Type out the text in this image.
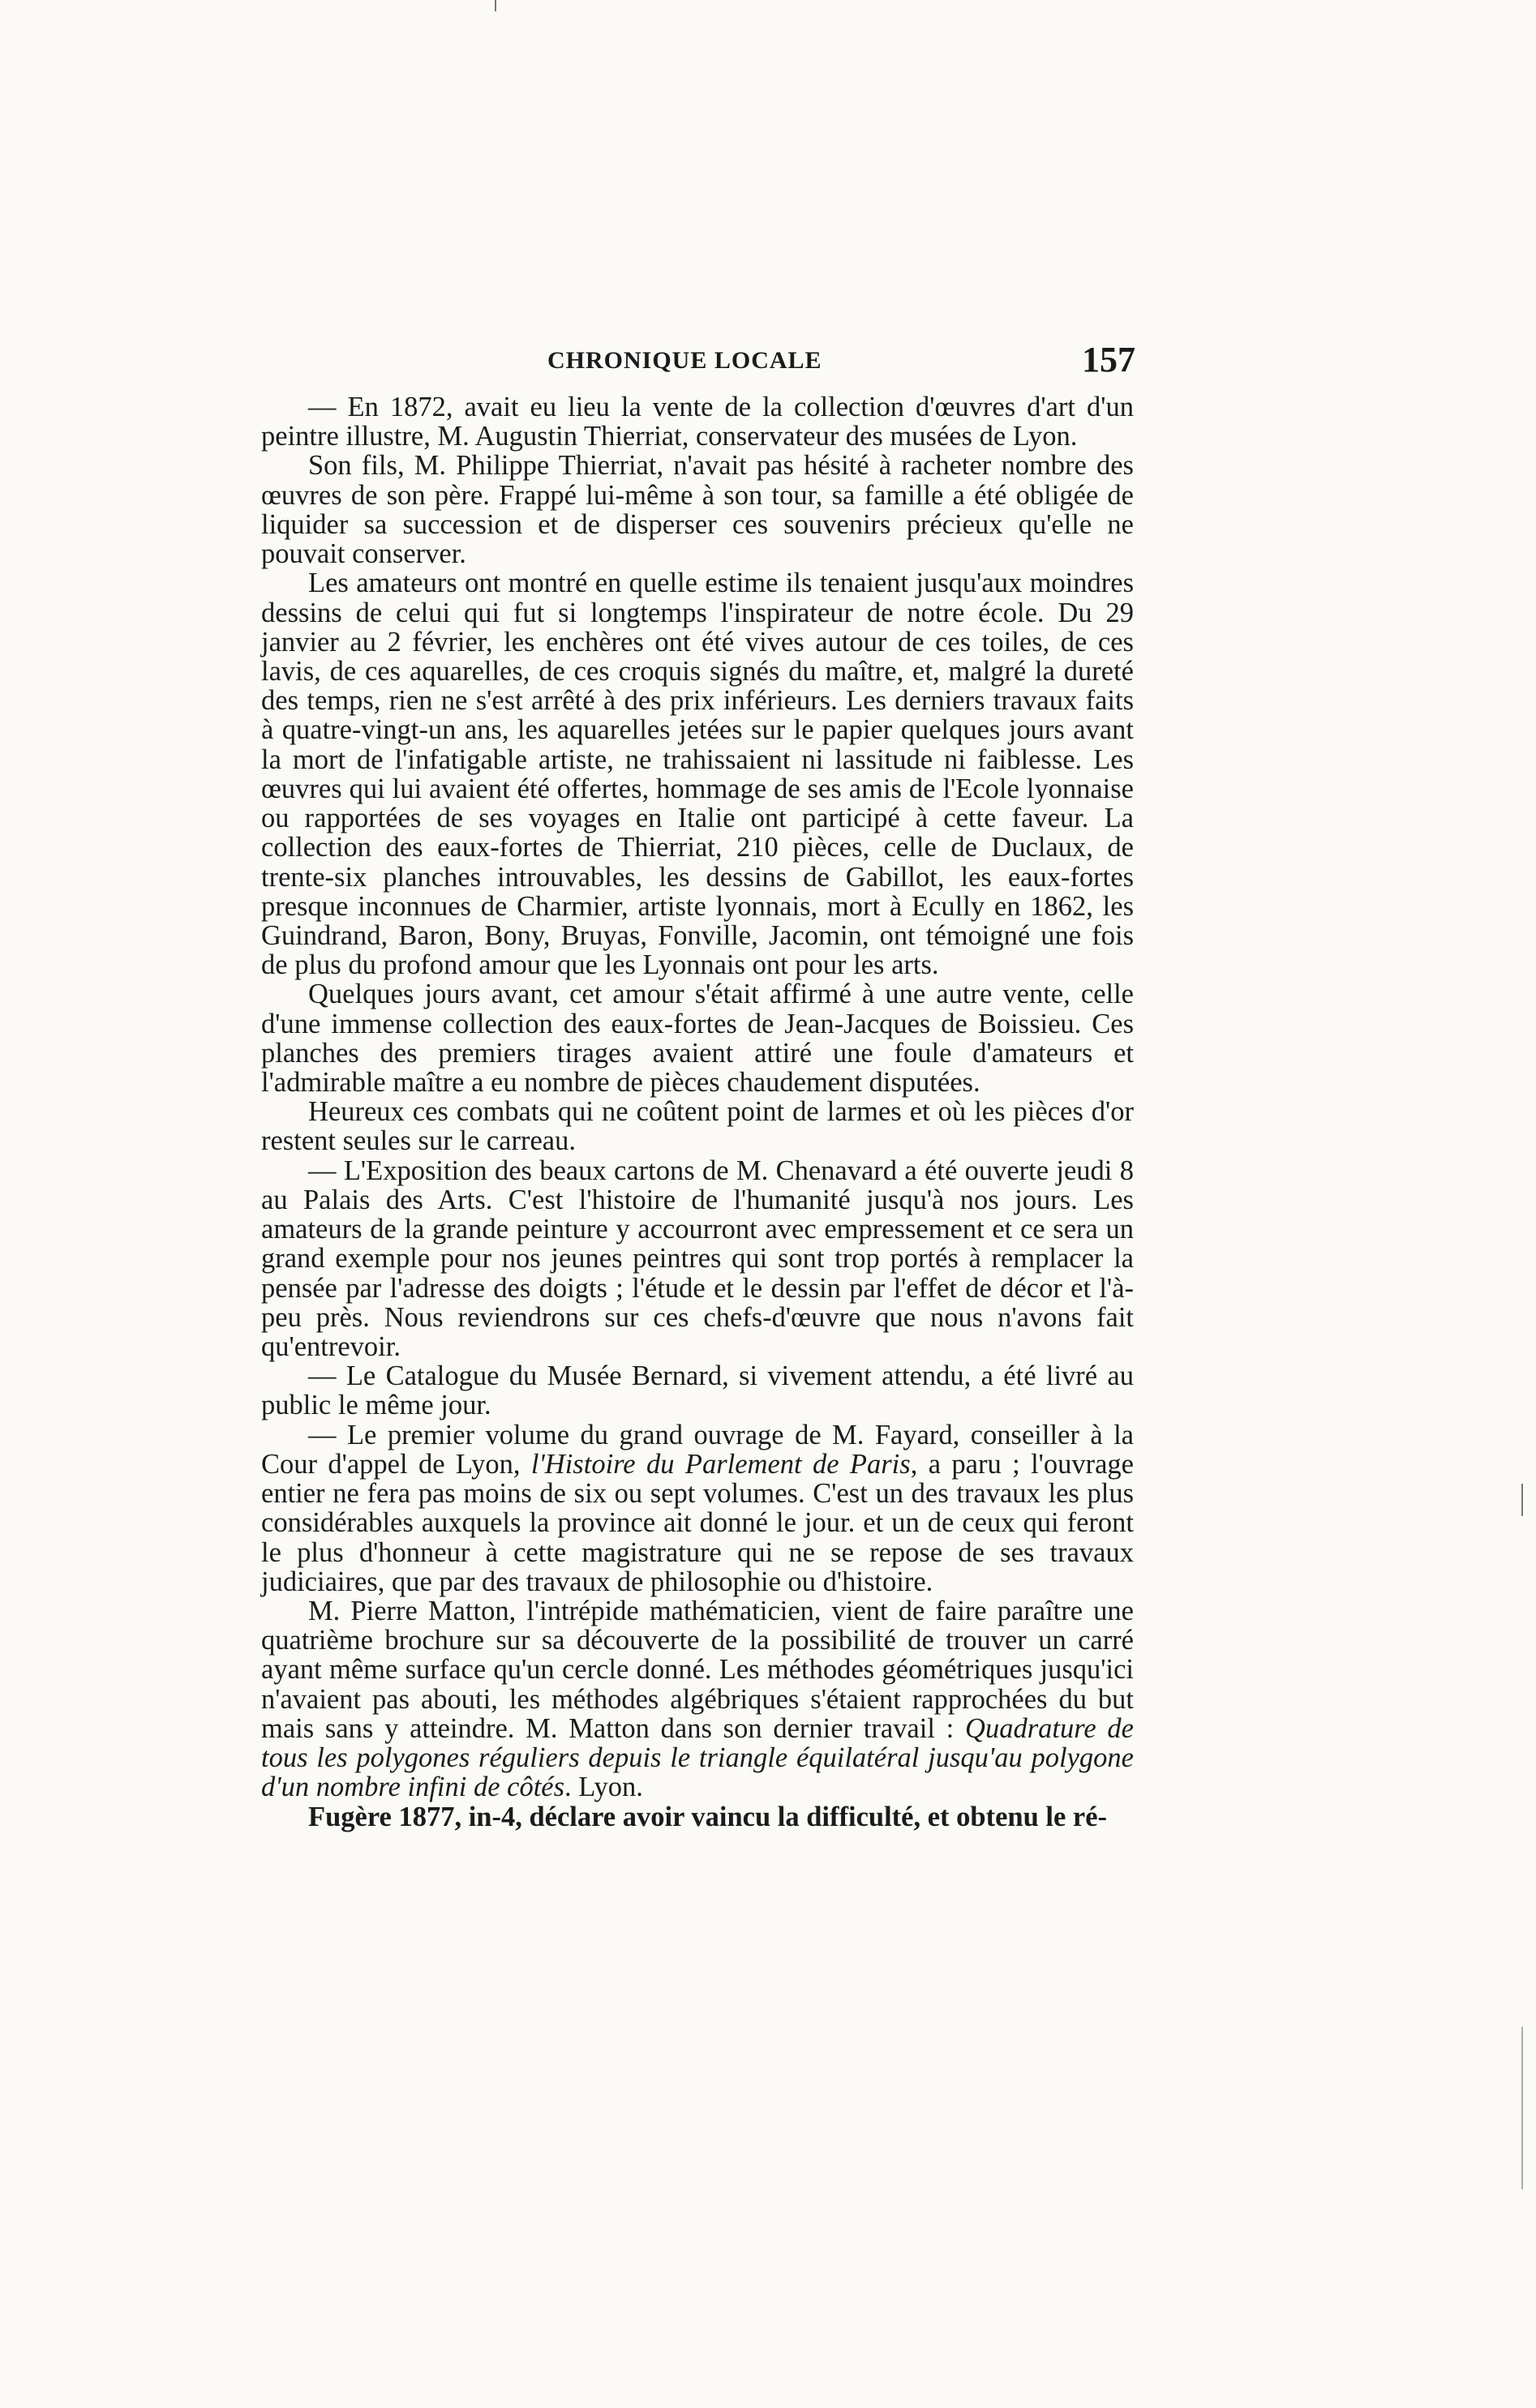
CHRONIQUE LOCALE	157

— En 1872, avait eu lieu la vente de la collection d'œuvres d'art d'un peintre illustre, M. Augustin Thierriat, conservateur des musées de Lyon.

Son fils, M. Philippe Thierriat, n'avait pas hésité à racheter nombre des œuvres de son père. Frappé lui-même à son tour, sa famille a été obligée de liquider sa succession et de disperser ces souvenirs précieux qu'elle ne pouvait conserver.

Les amateurs ont montré en quelle estime ils tenaient jusqu'aux moindres dessins de celui qui fut si longtemps l'inspirateur de notre école. Du 29 janvier au 2 février, les enchères ont été vives autour de ces toiles, de ces lavis, de ces aquarelles, de ces croquis signés du maître, et, malgré la dureté des temps, rien ne s'est arrêté à des prix inférieurs. Les derniers travaux faits à quatre-vingt-un ans, les aquarelles jetées sur le papier quelques jours avant la mort de l'infatigable artiste, ne trahissaient ni lassitude ni faiblesse. Les œuvres qui lui avaient été offertes, hommage de ses amis de l'Ecole lyonnaise ou rapportées de ses voyages en Italie ont participé à cette faveur. La collection des eaux-fortes de Thierriat, 210 pièces, celle de Duclaux, de trente-six planches introuvables, les dessins de Gabillot, les eaux-fortes presque inconnues de Charmier, artiste lyonnais, mort à Ecully en 1862, les Guindrand, Baron, Bony, Bruyas, Fonville, Jacomin, ont témoigné une fois de plus du profond amour que les Lyonnais ont pour les arts.

Quelques jours avant, cet amour s'était affirmé à une autre vente, celle d'une immense collection des eaux-fortes de Jean-Jacques de Boissieu. Ces planches des premiers tirages avaient attiré une foule d'amateurs et l'admirable maître a eu nombre de pièces chaudement disputées.

Heureux ces combats qui ne coûtent point de larmes et où les pièces d'or restent seules sur le carreau.

— L'Exposition des beaux cartons de M. Chenavard a été ouverte jeudi 8 au Palais des Arts. C'est l'histoire de l'humanité jusqu'à nos jours. Les amateurs de la grande peinture y accourront avec empressement et ce sera un grand exemple pour nos jeunes peintres qui sont trop portés à remplacer la pensée par l'adresse des doigts ; l'étude et le dessin par l'effet de décor et l'à-peu près. Nous reviendrons sur ces chefs-d'œuvre que nous n'avons fait qu'entrevoir.

— Le Catalogue du Musée Bernard, si vivement attendu, a été livré au public le même jour.

— Le premier volume du grand ouvrage de M. Fayard, conseiller à la Cour d'appel de Lyon, l'Histoire du Parlement de Paris, a paru ; l'ouvrage entier ne fera pas moins de six ou sept volumes. C'est un des travaux les plus considérables auxquels la province ait donné le jour. et un de ceux qui feront le plus d'honneur à cette magistrature qui ne se repose de ses travaux judiciaires, que par des travaux de philosophie ou d'histoire.

M. Pierre Matton, l'intrépide mathématicien, vient de faire paraître une quatrième brochure sur sa découverte de la possibilité de trouver un carré ayant même surface qu'un cercle donné. Les méthodes géométriques jusqu'ici n'avaient pas abouti, les méthodes algébriques s'étaient rapprochées du but mais sans y atteindre. M. Matton dans son dernier travail : Quadrature de tous les polygones réguliers depuis le triangle équilatéral jusqu'au polygone d'un nombre infini de côtés. Lyon.

Fugère 1877, in-4, déclare avoir vaincu la difficulté, et obtenu le ré-
